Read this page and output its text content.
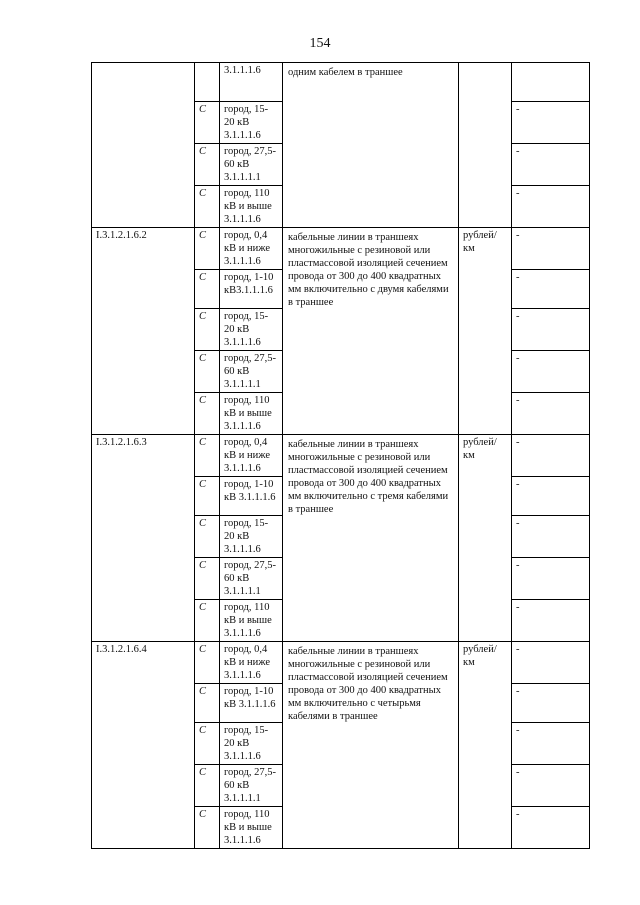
154
		3.1.1.1.6	одним кабелем в траншее		
	С	город, 15-20 кВ 3.1.1.1.6			-
	С	город, 27,5-60 кВ 3.1.1.1.1			-
	С	город, 110 кВ и выше 3.1.1.1.6			-
I.3.1.2.1.6.2	С	город, 0,4 кВ и ниже 3.1.1.1.6	кабельные линии в траншеях многожильные с резиновой или пластмассовой изоляцией сечением провода от 300 до 400 квадратных мм включительно с двумя кабелями в траншее	рублей/ км	-
	С	город, 1-10 кВ3.1.1.1.6			-
	С	город, 15-20 кВ 3.1.1.1.6			-
	С	город, 27,5-60 кВ 3.1.1.1.1			-
	С	город, 110 кВ и выше 3.1.1.1.6			-
I.3.1.2.1.6.3	С	город, 0,4 кВ и ниже 3.1.1.1.6	кабельные линии в траншеях многожильные с резиновой или пластмассовой изоляцией сечением провода от 300 до 400 квадратных мм включительно с тремя кабелями в траншее	рублей/ км	-
	С	город, 1-10 кВ 3.1.1.1.6			-
	С	город, 15-20 кВ 3.1.1.1.6			-
	С	город, 27,5-60 кВ 3.1.1.1.1			-
	С	город, 110 кВ и выше 3.1.1.1.6			-
I.3.1.2.1.6.4	С	город, 0,4 кВ и ниже 3.1.1.1.6	кабельные линии в траншеях многожильные с резиновой или пластмассовой изоляцией сечением провода от 300 до 400 квадратных мм включительно с четырьмя кабелями в траншее	рублей/ км	-
	С	город, 1-10 кВ 3.1.1.1.6			-
	С	город, 15-20 кВ 3.1.1.1.6			-
	С	город, 27,5-60 кВ 3.1.1.1.1			-
	С	город, 110 кВ и выше 3.1.1.1.6			-
